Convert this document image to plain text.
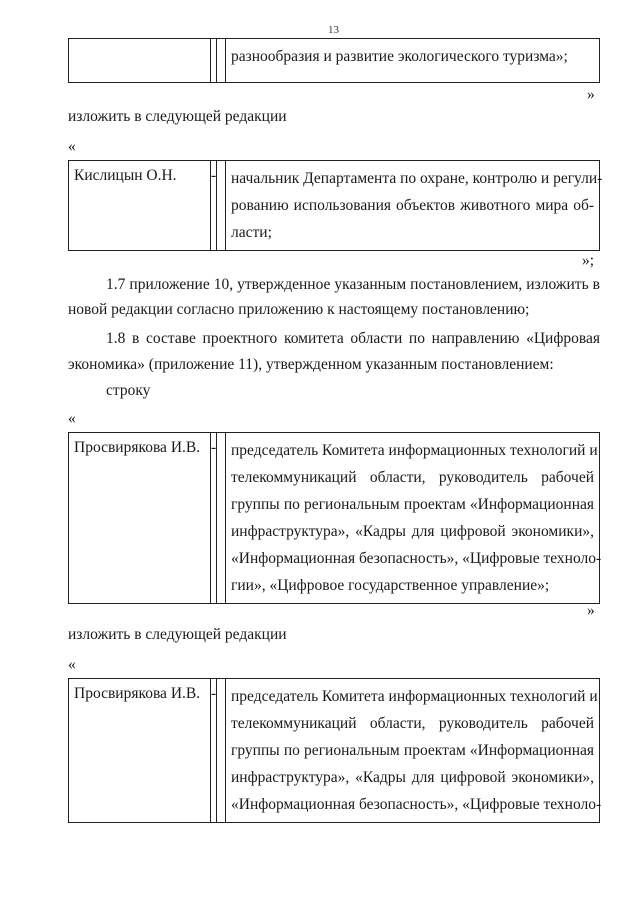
13

разнообразия и развитие экологического туризма»;
»
изложить в следующей редакции
«
Кислицын О.Н.	-		начальник Департамента по охране, контролю и регули-
рованию использования объектов животного мира об-
ласти;
»;
1.7 приложение 10, утвержденное указанным постановлением, изложить в
новой редакции согласно приложению к настоящему постановлению;
1.8 в составе проектного комитета области по направлению «Цифровая
экономика» (приложение 11), утвержденном указанным постановлением:
строку
«
Просвирякова И.В.	-		председатель Комитета информационных технологий и
телекоммуникаций области, руководитель рабочей
группы по региональным проектам «Информационная
инфраструктура», «Кадры для цифровой экономики»,
«Информационная безопасность», «Цифровые техноло-
гии», «Цифровое государственное управление»;
»
изложить в следующей редакции
«
Просвирякова И.В.	-		председатель Комитета информационных технологий и
телекоммуникаций области, руководитель рабочей
группы по региональным проектам «Информационная
инфраструктура», «Кадры для цифровой экономики»,
«Информационная безопасность», «Цифровые техноло-
